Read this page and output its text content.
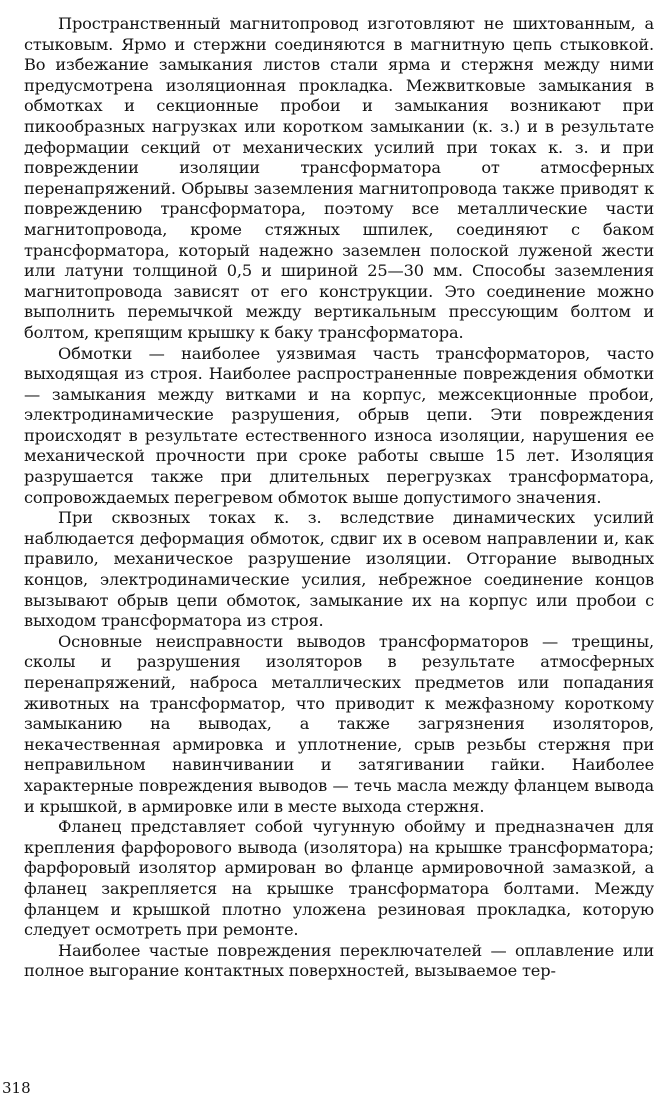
Пространственный магнитопровод изготовляют не шихтованным, а стыковым. Ярмо и стержни соединяются в магнитную цепь стыковкой. Во избежание замыкания листов стали ярма и стержня между ними предусмотрена изоляционная прокладка. Межвитковые замыкания в обмотках и секционные пробои и замыкания возникают при пикообразных нагрузках или коротком замыкании (к. з.) и в результате деформации секций от механических усилий при токах к. з. и при повреждении изоляции трансформатора от атмосферных перенапряжений. Обрывы заземления магнитопровода также приводят к повреждению трансформатора, поэтому все металлические части магнитопровода, кроме стяжных шпилек, соединяют с баком трансформатора, который надежно заземлен полоской луженой жести или латуни толщиной 0,5 и шириной 25—30 мм. Способы заземления магнитопровода зависят от его конструкции. Это соединение можно выполнить перемычкой между вертикальным прессующим болтом и болтом, крепящим крышку к баку трансформатора.

Обмотки — наиболее уязвимая часть трансформаторов, часто выходящая из строя. Наиболее распространенные повреждения обмотки — замыкания между витками и на корпус, межсекционные пробои, электродинамические разрушения, обрыв цепи. Эти повреждения происходят в результате естественного износа изоляции, нарушения ее механической прочности при сроке работы свыше 15 лет. Изоляция разрушается также при длительных перегрузках трансформатора, сопровождаемых перегревом обмоток выше допустимого значения.

При сквозных токах к. з. вследствие динамических усилий наблюдается деформация обмоток, сдвиг их в осевом направлении и, как правило, механическое разрушение изоляции. Отгорание выводных концов, электродинамические усилия, небрежное соединение концов вызывают обрыв цепи обмоток, замыкание их на корпус или пробои с выходом трансформатора из строя.

Основные неисправности выводов трансформаторов — трещины, сколы и разрушения изоляторов в результате атмосферных перенапряжений, наброса металлических предметов или попадания животных на трансформатор, что приводит к межфазному короткому замыканию на выводах, а также загрязнения изоляторов, некачественная армировка и уплотнение, срыв резьбы стержня при неправильном навинчивании и затягивании гайки. Наиболее характерные повреждения выводов — течь масла между фланцем вывода и крышкой, в армировке или в месте выхода стержня.

Фланец представляет собой чугунную обойму и предназначен для крепления фарфорового вывода (изолятора) на крышке трансформатора; фарфоровый изолятор армирован во фланце армировочной замазкой, а фланец закрепляется на крышке трансформатора болтами. Между фланцем и крышкой плотно уложена резиновая прокладка, которую следует осмотреть при ремонте.

Наиболее частые повреждения переключателей — оплавление или полное выгорание контактных поверхностей, вызываемое тер-

318
